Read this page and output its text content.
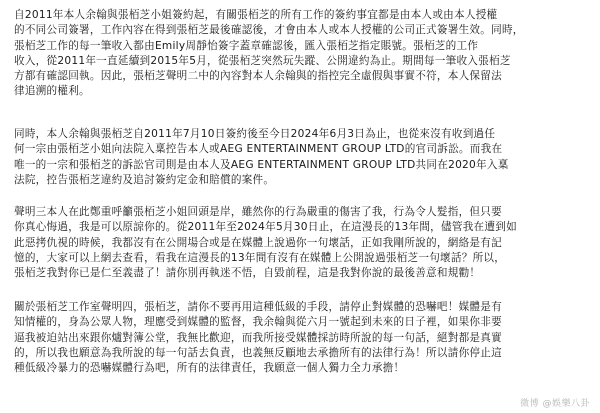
自2011年本人余翰與張栢芝小姐簽約起，有關張栢芝的所有工作的簽約事宜都是由本人或由本人授權
的不同公司簽署，工作內容在得到張栢芝最後確認後，才會由本人或本人授權的公司正式簽署生效。同時，
張栢芝工作的每一筆收入都由Emily周靜怡簽字蓋章確認後，匯入張栢芝指定賬號。張栢芝的工作
收入，從2011年一直延續到2015年5月，從張栢芝突然玩失蹤、公開違約為止。期間每一筆收入張栢芝
方都有確認回執。因此，張栢芝聲明二中的內容對本人余翰與的指控完全虛假與事實不符，本人保留法
律追溯的權利。
同時，本人余翰與張栢芝自2011年7月10日簽約後至今日2024年6月3日為止，也從來沒有收到過任
何一宗由張栢芝小姐向法院入稟控告本人或AEG ENTERTAINMENT GROUP LTD的官司訴訟。而我在
唯一的一宗和張栢芝的訴訟官司則是由本人及AEG ENTERTAINMENT GROUP LTD共同在2020年入稟
法院，控告張栢芝違約及追討簽約定金和賠償的案件。
聲明三本人在此鄭重呼籲張栢芝小姐回頭是岸，雖然你的行為嚴重的傷害了我，行為令人髮指，但只要
你真心悔過，我是可以原諒你的。從2011年至2024年5月30日止，在這漫長的13年間，儘管我在遭到如
此惡拷仇視的時候，我都沒有在公開場合或是在媒體上說過你一句壞話，正如我剛所說的，網絡是有記
憶的，大家可以上網去查看，看我在這漫長的13年間有沒有在媒體上公開說過張栢芝一句壞話？所以，
張栢芝我對你已是仁至義盡了！請你別再執迷不悟，自毀前程，這是我對你說的最後善意和規勸！
關於張栢芝工作室聲明四，張栢芝，請你不要再用這種低級的手段，請停止對媒體的恐嚇吧！媒體是有
知情權的，身為公眾人物，理應受到媒體的監督，我余翰與從六月一號起到未來的日子裡，如果你非要
逼我被迫站出來跟你爐對簿公堂，我無比歡迎，而我所接受媒體採訪時所說的每一句話，絕對都是真實
的，所以我也願意為我所說的每一句話去負責，也義無反顧地去承擔所有的法律行為！所以請你停止這
種低級冷暴力的恐嚇媒體行為吧，所有的法律責任，我願意一個人獨力全力承擔！
微博 @娛樂八卦
